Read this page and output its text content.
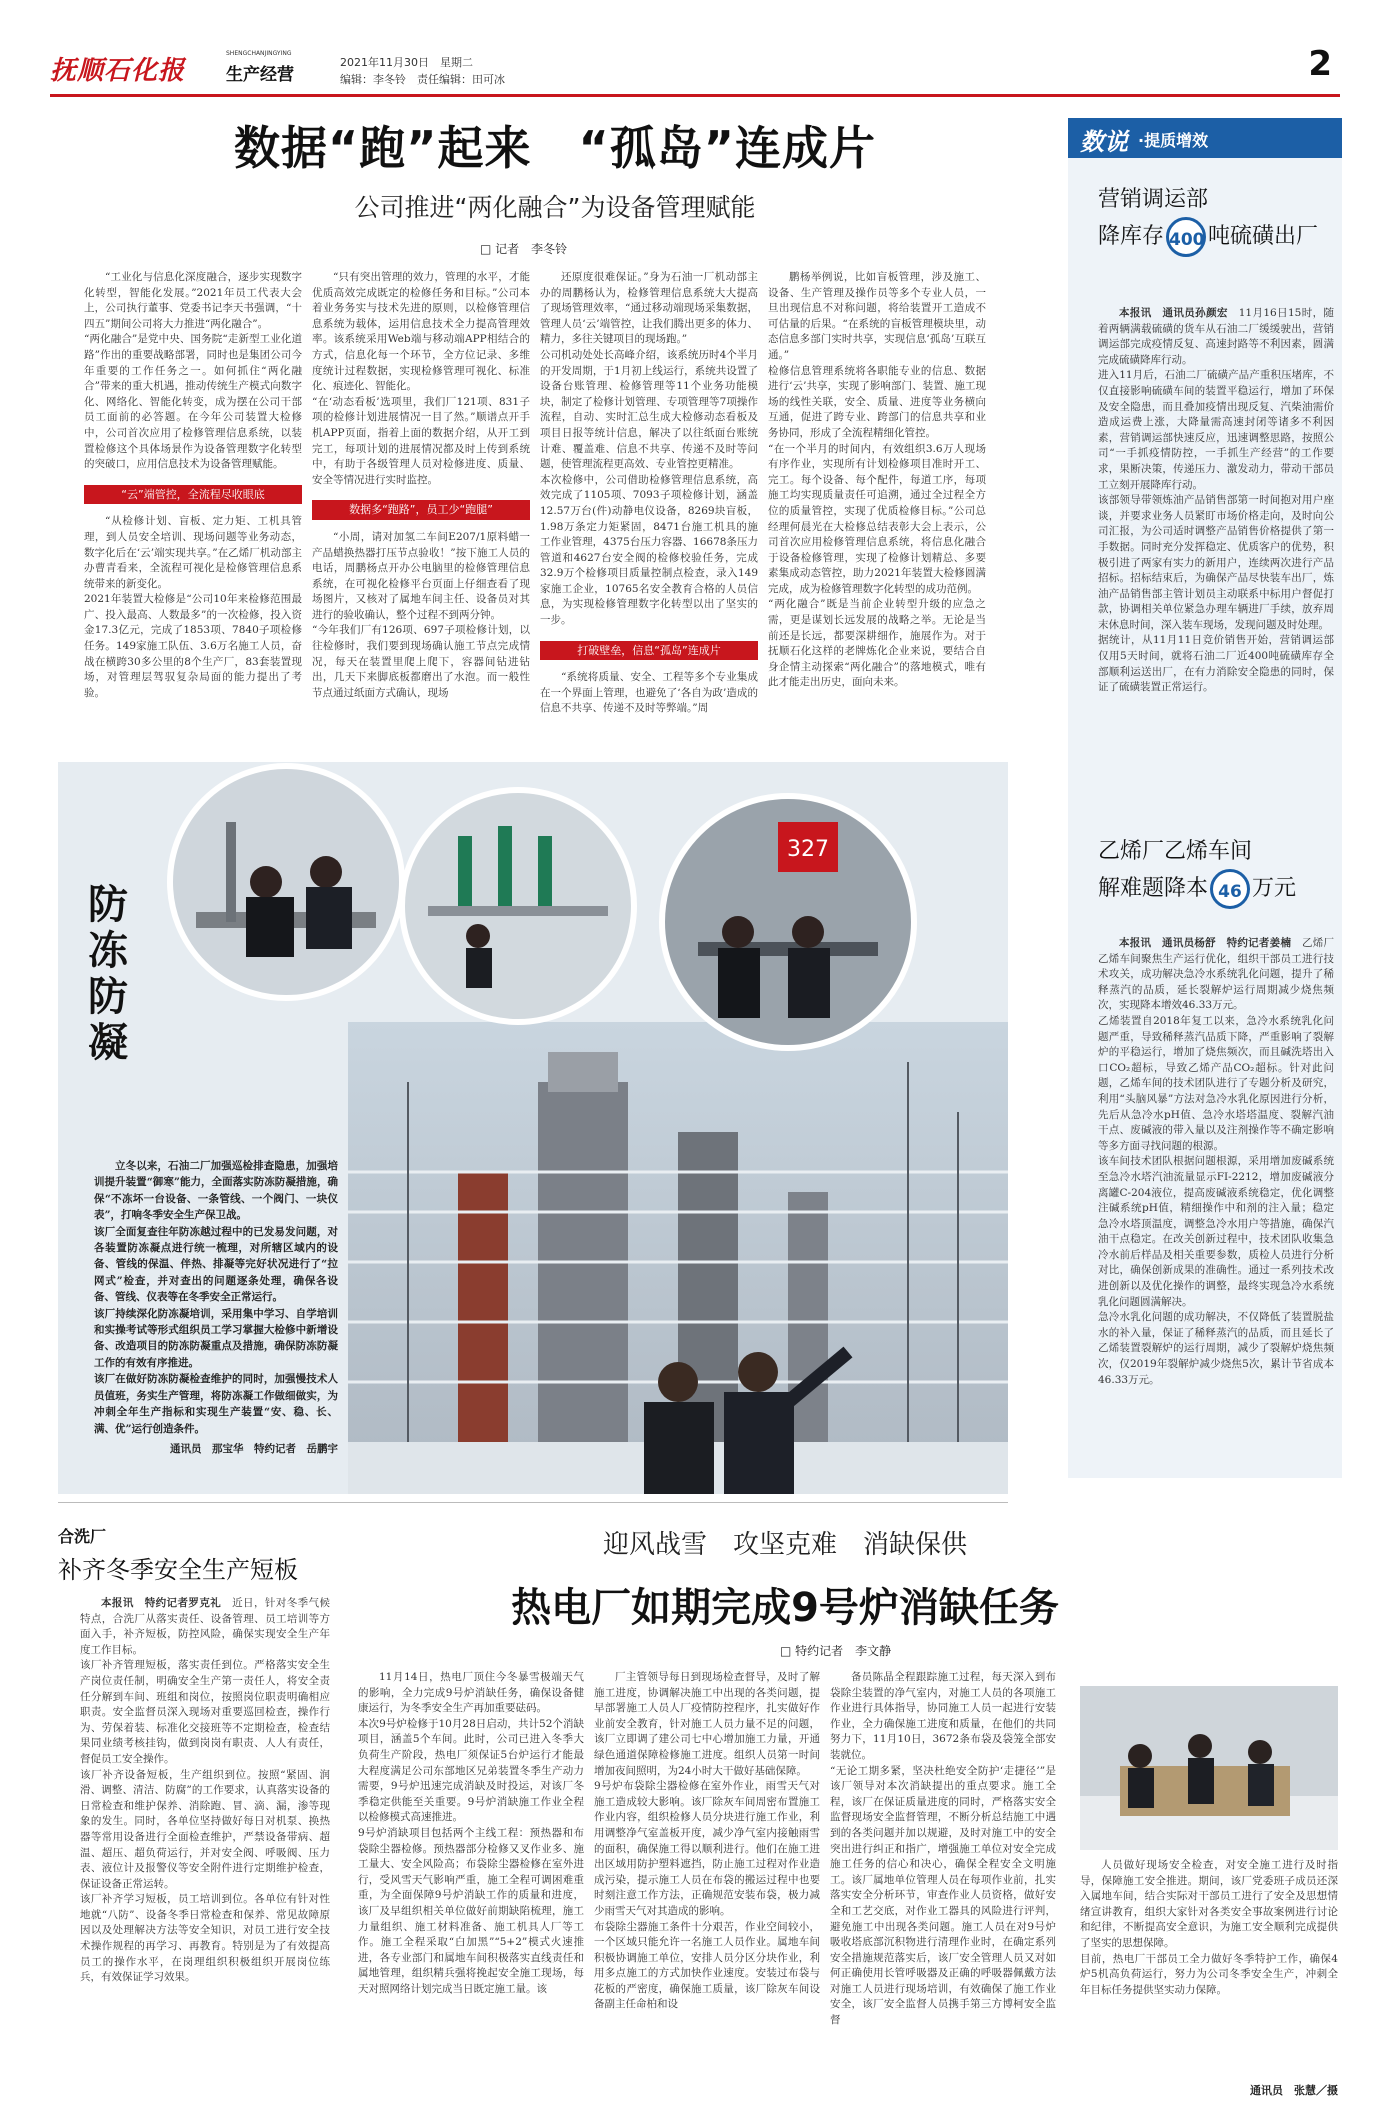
抚顺石化报
SHENGCHANJINGYING
生产经营
2021年11月30日　星期二
编辑：李冬铃　责任编辑：田可冰	2
数据“跑”起来　“孤岛”连成片
公司推进“两化融合”为设备管理赋能
□ 记者　李冬铃

“工业化与信息化深度融合，逐步实现数字化转型，智能化发展。”2021年员工代表大会上，公司执行董事、党委书记李天书强调，“十四五”期间公司将大力推进“两化融合”。
“两化融合”是党中央、国务院“走新型工业化道路”作出的重要战略部署，同时也是集团公司今年重要的工作任务之一。如何抓住“两化融合”带来的重大机遇，推动传统生产模式向数字化、网络化、智能化转变，成为摆在公司干部员工面前的必答题。在今年公司装置大检修中，公司首次应用了检修管理信息系统，以装置检修这个具体场景作为设备管理数字化转型的突破口，应用信息技术为设备管理赋能。

“云”端管控，全流程尽收眼底

“从检修计划、盲板、定力矩、工机具管理，到人员安全培训、现场问题等业务动态，数字化后在‘云’端实现共享。”在乙烯厂机动部主办曹青看来，全流程可视化是检修管理信息系统带来的新变化。
2021年装置大检修是“公司10年来检修范围最广、投入最高、人数最多”的一次检修，投入资金17.3亿元，完成了1853项、7840子项检修任务。149家施工队伍、3.6万名施工人员，奋战在横跨30多公里的8个生产厂，83套装置现场，对管理层驾驭复杂局面的能力提出了考验。

“只有突出管理的效力，管理的水平，才能优质高效完成既定的检修任务和目标。”公司本着业务务实与技术先进的原则，以检修管理信息系统为载体，运用信息技术全力提高管理效率。该系统采用Web端与移动端APP相结合的方式，信息化每一个环节，全方位记录、多维度统计过程数据，实现检修管理可视化、标准化、痕迹化、智能化。
“在‘动态看板’选项里，我们厂121项、831子项的检修计划进展情况一目了然。”顺谱点开手机APP页面，指着上面的数据介绍，从开工到完工，每项计划的进展情况都及时上传到系统中，有助于各级管理人员对检修进度、质量、安全等情况进行实时监控。

数据多“跑路”，员工少“跑腿”

“小周，请对加氢二车间E207/1原料蜡一产品蜡换热器打压节点验收！”按下施工人员的电话，周鹏杨点开办公电脑里的检修管理信息系统，在可视化检修平台页面上仔细查看了现场图片，又核对了属地车间主任、设备员对其进行的验收确认，整个过程不到两分钟。
“今年我们厂有126项、697子项检修计划，以往检修时，我们要到现场确认施工节点完成情况，每天在装置里爬上爬下，容器间钻进钻出，几天下来脚底板都磨出了水泡。而一般性节点通过纸面方式确认，现场

还原度很难保证。”身为石油一厂机动部主办的周鹏杨认为，检修管理信息系统大大提高了现场管理效率，“通过移动端现场采集数据，管理人员‘云’端管控，让我们腾出更多的体力、精力，多往关键项目的现场跑。”
公司机动处处长高峰介绍，该系统历时4个半月的开发周期，于1月初上线运行，系统共设置了设备台账管理、检修管理等11个业务功能模块，制定了检修计划管理、专项管理等7项操作流程，自动、实时汇总生成大检修动态看板及项目日报等统计信息，解决了以往纸面台账统计难、覆盖难、信息不共享、传递不及时等问题，使管理流程更高效、专业管控更精准。
本次检修中，公司借助检修管理信息系统，高效完成了1105项、7093子项检修计划，涵盖12.57万台(件)动静电仪设备，8269块盲板，1.98万条定力矩紧固，8471台施工机具的施工作业管理，4375台压力容器、16678条压力管道和4627台安全阀的检修校验任务，完成32.9万个检修项目质量控制点检查，录入149家施工企业，10765名安全教育合格的人员信息，为实现检修管理数字化转型以出了坚实的一步。

打破壁垒，信息“孤岛”连成片

“系统将质量、安全、工程等多个专业集成在一个界面上管理，也避免了‘各自为政’造成的信息不共享、传递不及时等弊端。”周

鹏杨举例说，比如盲板管理，涉及施工、设备、生产管理及操作员等多个专业人员，一旦出现信息不对称问题，将给装置开工造成不可估量的后果。“在系统的盲板管理模块里，动态信息多部门实时共享，实现信息‘孤岛’互联互通。”
检修信息管理系统将各职能专业的信息、数据进行‘云’共享，实现了影响部门、装置、施工现场的线性关联，安全、质量、进度等业务横向互通，促进了跨专业、跨部门的信息共享和业务协同，形成了全流程精细化管控。
“在一个半月的时间内，有效组织3.6万人现场有序作业，实现所有计划检修项目准时开工、完工。每个设备、每个配件，每道工序，每项施工均实现质量责任可追溯，通过全过程全方位的质量管控，实现了优质检修目标。”公司总经理何晨光在大检修总结表彰大会上表示，公司首次应用检修管理信息系统，将信息化融合于设备检修管理，实现了检修计划精总、多要素集成动态管控，助力2021年装置大检修圆满完成，成为检修管理数字化转型的成功范例。
“两化融合”既是当前企业转型升级的应急之需，更是谋划长远发展的战略之举。无论是当前还是长远，都要深耕细作，施展作为。对于抚顺石化这样的老牌炼化企业来说，要结合自身企情主动探索“两化融合”的落地模式，唯有此才能走出历史，面向未来。

数说 ·提质增效
营销调运部
降库存 400 吨硫磺出厂

本报讯　通讯员孙颜宏　 11月16日15时，随着两辆满载硫磺的货车从石油二厂缓缓驶出，营销调运部完成疫情反复、高速封路等不利因素，圆满完成硫磺降库行动。
进入11月后，石油二厂硫磺产品产重积压堵库，不仅直接影响硫磺车间的装置平稳运行，增加了环保及安全隐患，而且叠加疫情出现反复、汽柴油需价造成运费上涨，大降量需高速封闭等诸多不利因素，营销调运部快速反应，迅速调整思路，按照公司“一手抓疫情防控，一手抓生产经营”的工作要求，果断决策，传递压力、激发动力，带动干部员工立刻开展降库行动。
该部领导带领炼油产品销售部第一时间抱对用户座谈，并要求业务人员紧盯市场价格走向，及时向公司汇报，为公司适时调整产品销售价格提供了第一手数据。同时充分发挥稳定、优质客户的优势，积极引进了两家有实力的新用户，连续两次进行产品招标。招标结束后，为确保产品尽快装车出厂，炼油产品销售部主管计划员主动联系中标用户督促打款，协调相关单位紧急办理车辆进厂手续，放弃周末休息时间，深入装车现场，发现问题及时处理。
据统计，从11月11日竞价销售开始，营销调运部仅用5天时间，就将石油二厂近400吨硫磺库存全部顺利运送出厂，在有力消除安全隐患的同时，保证了硫磺装置正常运行。

乙烯厂乙烯车间
解难题降本 46 万元

本报讯　通讯员杨舒　特约记者姜楠　 乙烯厂乙烯车间聚焦生产运行优化，组织干部员工进行技术攻关，成功解决急冷水系统乳化问题，提升了稀释蒸汽的品质，延长裂解炉运行周期减少烧焦频次，实现降本增效46.33万元。
乙烯装置自2018年复工以来，急冷水系统乳化问题严重，导致稀释蒸汽品质下降，严重影响了裂解炉的平稳运行，增加了烧焦频次，而且碱洗塔出入口CO₂超标，导致乙烯产品CO₂超标。针对此问题，乙烯车间的技术团队进行了专题分析及研究，利用“头脑风暴”方法对急冷水乳化原因进行分析，先后从急冷水pH值、急冷水塔塔温度、裂解汽油干点、废碱液的带入量以及注剂操作等不确定影响等多方面寻找问题的根源。
该车间技术团队根据问题根源，采用增加废碱系统至急冷水塔汽油流量显示FI-2212，增加废碱液分离罐C-204液位，提高废碱液系统稳定，优化调整注碱系统pH值，精细操作中和剂的注入量；稳定急冷水塔顶温度，调整急冷水用户等措施，确保汽油干点稳定。在改关创新过程中，技术团队收集急冷水前后样品及相关重要参数，质检人员进行分析对比，确保创新成果的准确性。通过一系列技术改进创新以及优化操作的调整，最终实现急冷水系统乳化问题圆满解决。
急冷水乳化问题的成功解决，不仅降低了装置脱盐水的补入量，保证了稀释蒸汽的品质，而且延长了乙烯装置裂解炉的运行周期，减少了裂解炉烧焦频次，仅2019年裂解炉减少烧焦5次，累计节省成本46.33万元。

327
防
冻
防
凝

立冬以来，石油二厂加强巡检排查隐患，加强培训提升装置“御寒”能力，全面落实防冻防凝措施，确保“不冻坏一台设备、一条管线、一个阀门、一块仪表”，打响冬季安全生产保卫战。
该厂全面复查往年防冻越过程中的已发易发问题，对各装置防冻凝点进行统一梳理，对所辖区域内的设备、管线的保温、伴热、排凝等完好状况进行了“拉网式”检查，并对查出的问题逐条处理，确保各设备、管线、仪表等在冬季安全正常运行。
该厂持续深化防冻凝培训，采用集中学习、自学培训和实操考试等形式组织员工学习掌握大检修中新增设备、改造项目的防冻防凝重点及措施，确保防冻防凝工作的有效有序推进。
该厂在做好防冻防凝检查维护的同时，加强慢技术人员值班，务实生产管理，将防冻凝工作做细做实，为冲刺全年生产指标和实现生产装置“安、稳、长、满、优”运行创造条件。

通讯员　那宝华　特约记者　岳鹏宇
合洗厂
补齐冬季安全生产短板

本报讯　特约记者罗克礼　 近日，针对冬季气候特点，合洗厂从落实责任、设备管理、员工培训等方面入手，补齐短板，防控风险，确保实现安全生产年度工作目标。
该厂补齐管理短板，落实责任到位。严格落实安全生产岗位责任制，明确安全生产第一责任人，将安全责任分解到车间、班组和岗位，按照岗位职责明确相应职责。安全监督员深入现场对重要巡回检查，操作行为、劳保着装、标准化交接班等不定期检查，检查结果同业绩考核挂钩，做到岗岗有职责、人人有责任，督促员工安全操作。
该厂补齐设备短板，生产组织到位。按照“紧固、润滑、调整、清洁、防腐”的工作要求，认真落实设备的日常检查和维护保养、消除跑、冒、滴、漏，渗等现象的发生。同时，各单位坚持做好每日对机泵、换热器等常用设备进行全面检查维护，严禁设备带病、超温、超压、超负荷运行，并对安全阀、呼吸阀、压力表、液位计及报警仪等安全附件进行定期维护检查，保证设备正常运转。
该厂补齐学习短板，员工培训到位。各单位有针对性地就“八防”、设备冬季日常检查和保养、常见故障原因以及处理解决方法等安全知识，对员工进行安全技术操作规程的再学习、再教育。特别是为了有效提高员工的操作水平，在岗理组织积极组织开展岗位练兵，有效保证学习效果。

迎风战雪　攻坚克难　消缺保供
热电厂如期完成9号炉消缺任务
□ 特约记者　李文静

11月14日，热电厂顶住今冬暴雪极端天气的影响，全力完成9号炉消缺任务，确保设备健康运行，为冬季安全生产再加重要砝码。
本次9号炉检修于10月28日启动，共计52个消缺项目，涵盖5个车间。此时，公司已进入冬季大负荷生产阶段，热电厂须保证5台炉运行才能最大程度满足公司东部地区兄弟装置冬季生产动力需要，9号炉迅速完成消缺及时投运，对该厂冬季稳定供能至关重要。9号炉消缺施工作业全程以检修模式高速推进。
9号炉消缺项目包括两个主线工程：预热器和布袋除尘器检修。预热器部分检修又叉作业多、施工量大、安全风险高；布袋除尘器检修在室外进行，受风雪天气影响严重，施工全程可调困难重重，为全面保障9号炉消缺工作的质量和进度，该厂及早组织相关单位做好前期缺陷梳理，施工力量组织、施工材料准备、施工机具人厂等工作。施工全程采取“白加黑”“5+2”模式火速推进，各专业部门和属地车间积极落实直线责任和属地管理，组织精兵强将挽起安全施工现场，每天对照网络计划完成当日既定施工量。该

厂主管领导每日到现场检查督导，及时了解施工进度，协调解决施工中出现的各类问题，提早部署施工人员人厂疫情防控程序，扎实做好作业前安全教育，针对施工人员力量不足的问题，该厂立即调了建公司七中心增加施工力量，开通绿色通道保障检修施工进度。组织人员第一时间增加夜间照明，为24小时大干做好基础保障。
9号炉布袋除尘器检修在室外作业，雨雪天气对施工造成较大影响。该厂除灰车间周密布置施工作业内容，组织检修人员分块进行施工作业，利用调整净气室盖板开度，减少净气室内接触雨雪的面积，确保施工得以顺利进行。他们在施工进出区域用防护塑料遮挡，防止施工过程对作业造成污染，提示施工人员在布袋的搬运过程中也要时刻注意工作方法，正确规范安装布袋，极力减少雨雪天气对其造成的影响。
布袋除尘器施工条件十分艰苦，作业空间较小，一个区域只能允许一名施工人员作业。属地车间积极协调施工单位，安排人员分区分块作业，利用多点施工的方式加快作业速度。安装过布袋与花板的严密度，确保施工质量，该厂除灰车间设备副主任命柏和设

备员陈晶全程跟踪施工过程，每天深入到布袋除尘装置的净气室内，对施工人员的各项施工作业进行具体指导，协同施工人员一起进行安装作业，全力确保施工进度和质量，在他们的共同努力下，11月10日，3672条布袋及袋笼全部安装就位。
“无论工期多紧，坚决杜绝安全防护‘走捷径’”是该厂领导对本次消缺提出的重点要求。施工全程，该厂在保证质量进度的同时，严格落实安全监督现场安全监督管理，不断分析总结施工中遇到的各类问题并加以规避，及时对施工中的安全突出进行纠正和指广，增强施工单位对安全完成施工任务的信心和决心，确保全程安全文明施工。该厂属地单位管理人员在每项作业前，扎实落实安全分析环节，审查作业人员资格，做好安全和工艺交底，对作业工器具的风险进行评判，避免施工中出现各类问题。施工人员在对9号炉吸收塔底部沉积物进行清理作业时，在确定系列安全措施规范落实后，该厂安全管理人员又对如何正确使用长管呼吸器及正确的呼吸器佩戴方法对施工人员进行现场培训，有效确保了施工作业安全，该厂安全监督人员携手第三方博柯安全监督

人员做好现场安全检查，对安全施工进行及时指导，保障施工安全推进。期间，该厂党委班子成员还深入属地车间，结合实际对干部员工进行了安全及思想情绪宣讲教育，组织大家针对各类安全事故案例进行讨论和纪律，不断提高安全意识，为施工安全顺利完成提供了坚实的思想保障。
目前，热电厂干部员工全力做好冬季特护工作，确保4炉5机高负荷运行，努力为公司冬季安全生产，冲刺全年目标任务提供坚实动力保障。

通讯员　张慧／摄
